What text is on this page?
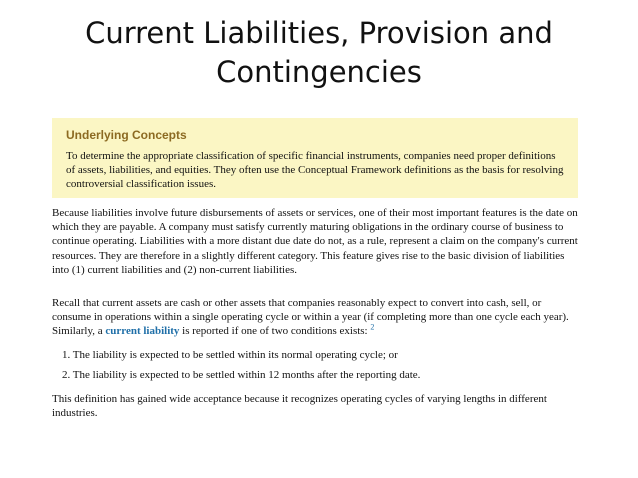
Current Liabilities, Provision and
Contingencies

Underlying Concepts

To determine the appropriate classification of specific financial instruments, companies need proper definitions of assets, liabilities, and equities. They often use the Conceptual Framework definitions as the basis for resolving controversial classification issues.

Because liabilities involve future disbursements of assets or services, one of their most important features is the date on which they are payable. A company must satisfy currently maturing obligations in the ordinary course of business to continue operating. Liabilities with a more distant due date do not, as a rule, represent a claim on the company's current resources. They are therefore in a slightly different category. This feature gives rise to the basic division of liabilities into (1) current liabilities and (2) non-current liabilities.

Recall that current assets are cash or other assets that companies reasonably expect to convert into cash, sell, or consume in operations within a single operating cycle or within a year (if completing more than one cycle each year). Similarly, a current liability is reported if one of two conditions exists: $^2$

1. The liability is expected to be settled within its normal operating cycle; or
2. The liability is expected to be settled within 12 months after the reporting date.

This definition has gained wide acceptance because it recognizes operating cycles of varying lengths in different industries.
